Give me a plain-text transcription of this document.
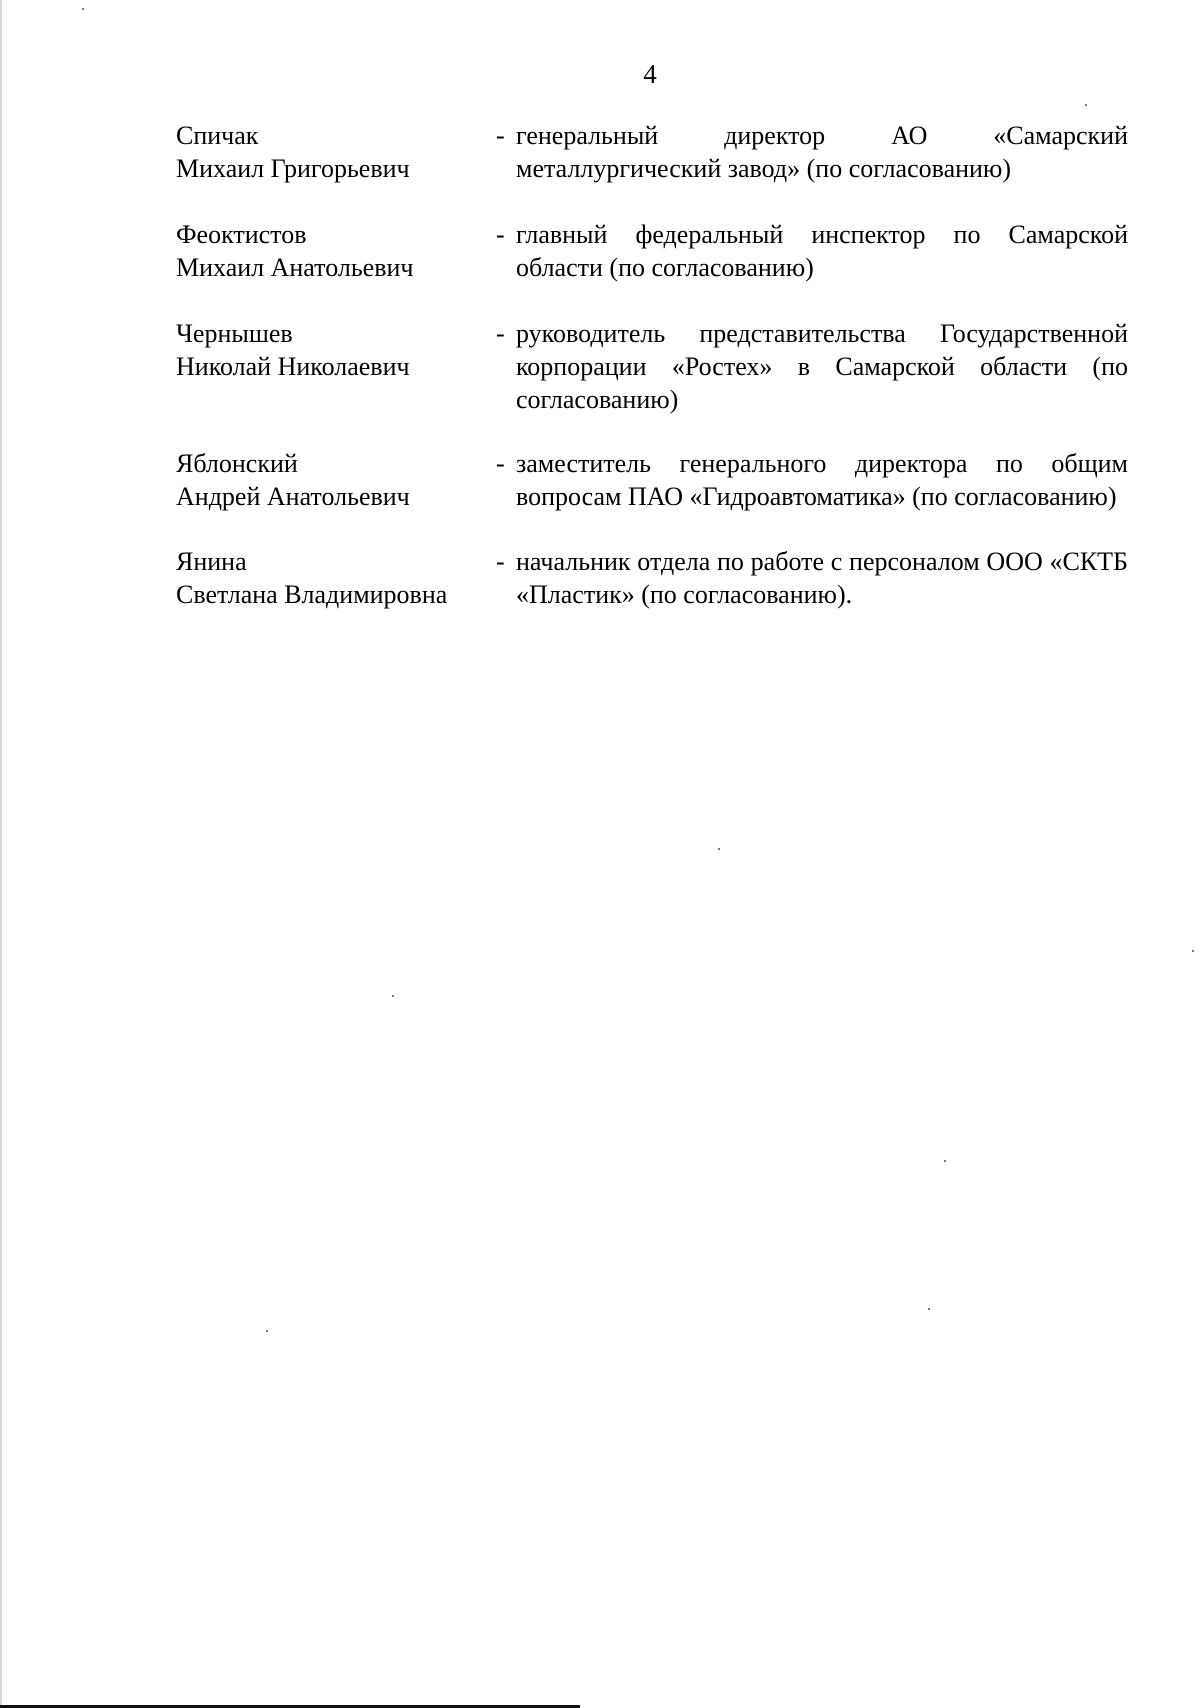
4
Спичак
Михаил Григорьевич
- генеральный директор АО «Самарский металлургический завод» (по согласованию)
Феоктистов
Михаил Анатольевич
- главный федеральный инспектор по Самарской области (по согласованию)
Чернышев
Николай Николаевич
- руководитель представительства Государственной корпорации «Ростех» в Самарской области (по согласованию)
Яблонский
Андрей Анатольевич
- заместитель генерального директора по общим вопросам ПАО «Гидроавтоматика» (по согласованию)
Янина
Светлана Владимировна
- начальник отдела по работе с персоналом ООО «СКТБ «Пластик» (по согласованию).
